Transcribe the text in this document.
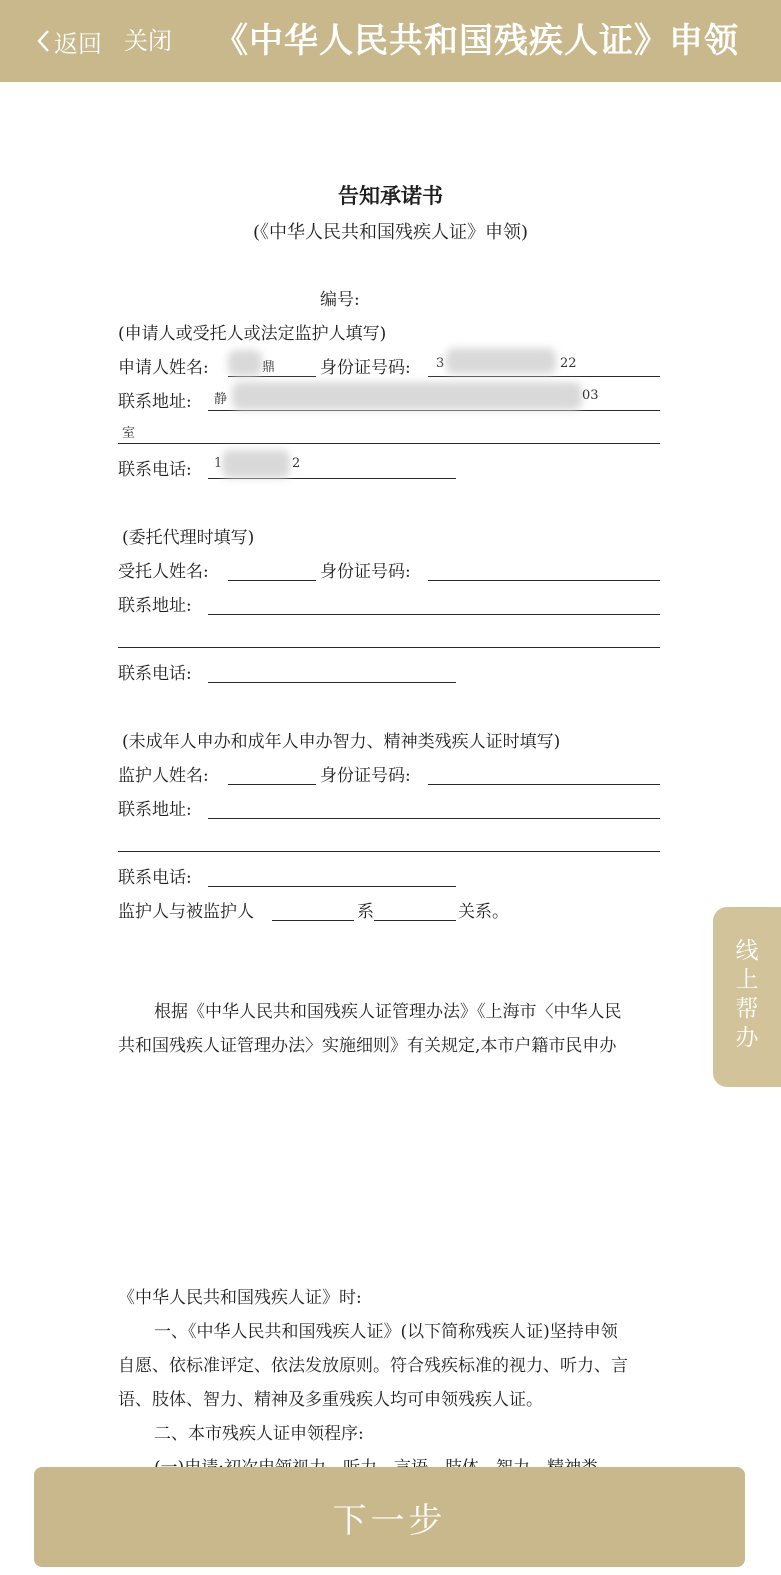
返回 关闭 《中华人民共和国残疾人证》申领
告知承诺书
(《中华人民共和国残疾人证》申领)
编号:
(申请人或受托人或法定监护人填写)
申请人姓名:	鼎	身份证号码: 3	22
联系地址: 静	03
室
联系电话: 1	2
(委托代理时填写)
受托人姓名:	身份证号码:
联系地址:
联系电话:
(未成年人申办和成年人申办智力、精神类残疾人证时填写)
监护人姓名:	身份证号码:
联系地址:
联系电话:
监护人与被监护人	系	关系。
根据《中华人民共和国残疾人证管理办法》《上海市〈中华人民
共和国残疾人证管理办法〉实施细则》有关规定,本市户籍市民申办
《中华人民共和国残疾人证》时:
一、《中华人民共和国残疾人证》(以下简称残疾人证)坚持申领
自愿、依标准评定、依法发放原则。符合残疾标准的视力、听力、言
语、肢体、智力、精神及多重残疾人均可申领残疾人证。
二、本市残疾人证申领程序:
线
上
帮
办
下一步
